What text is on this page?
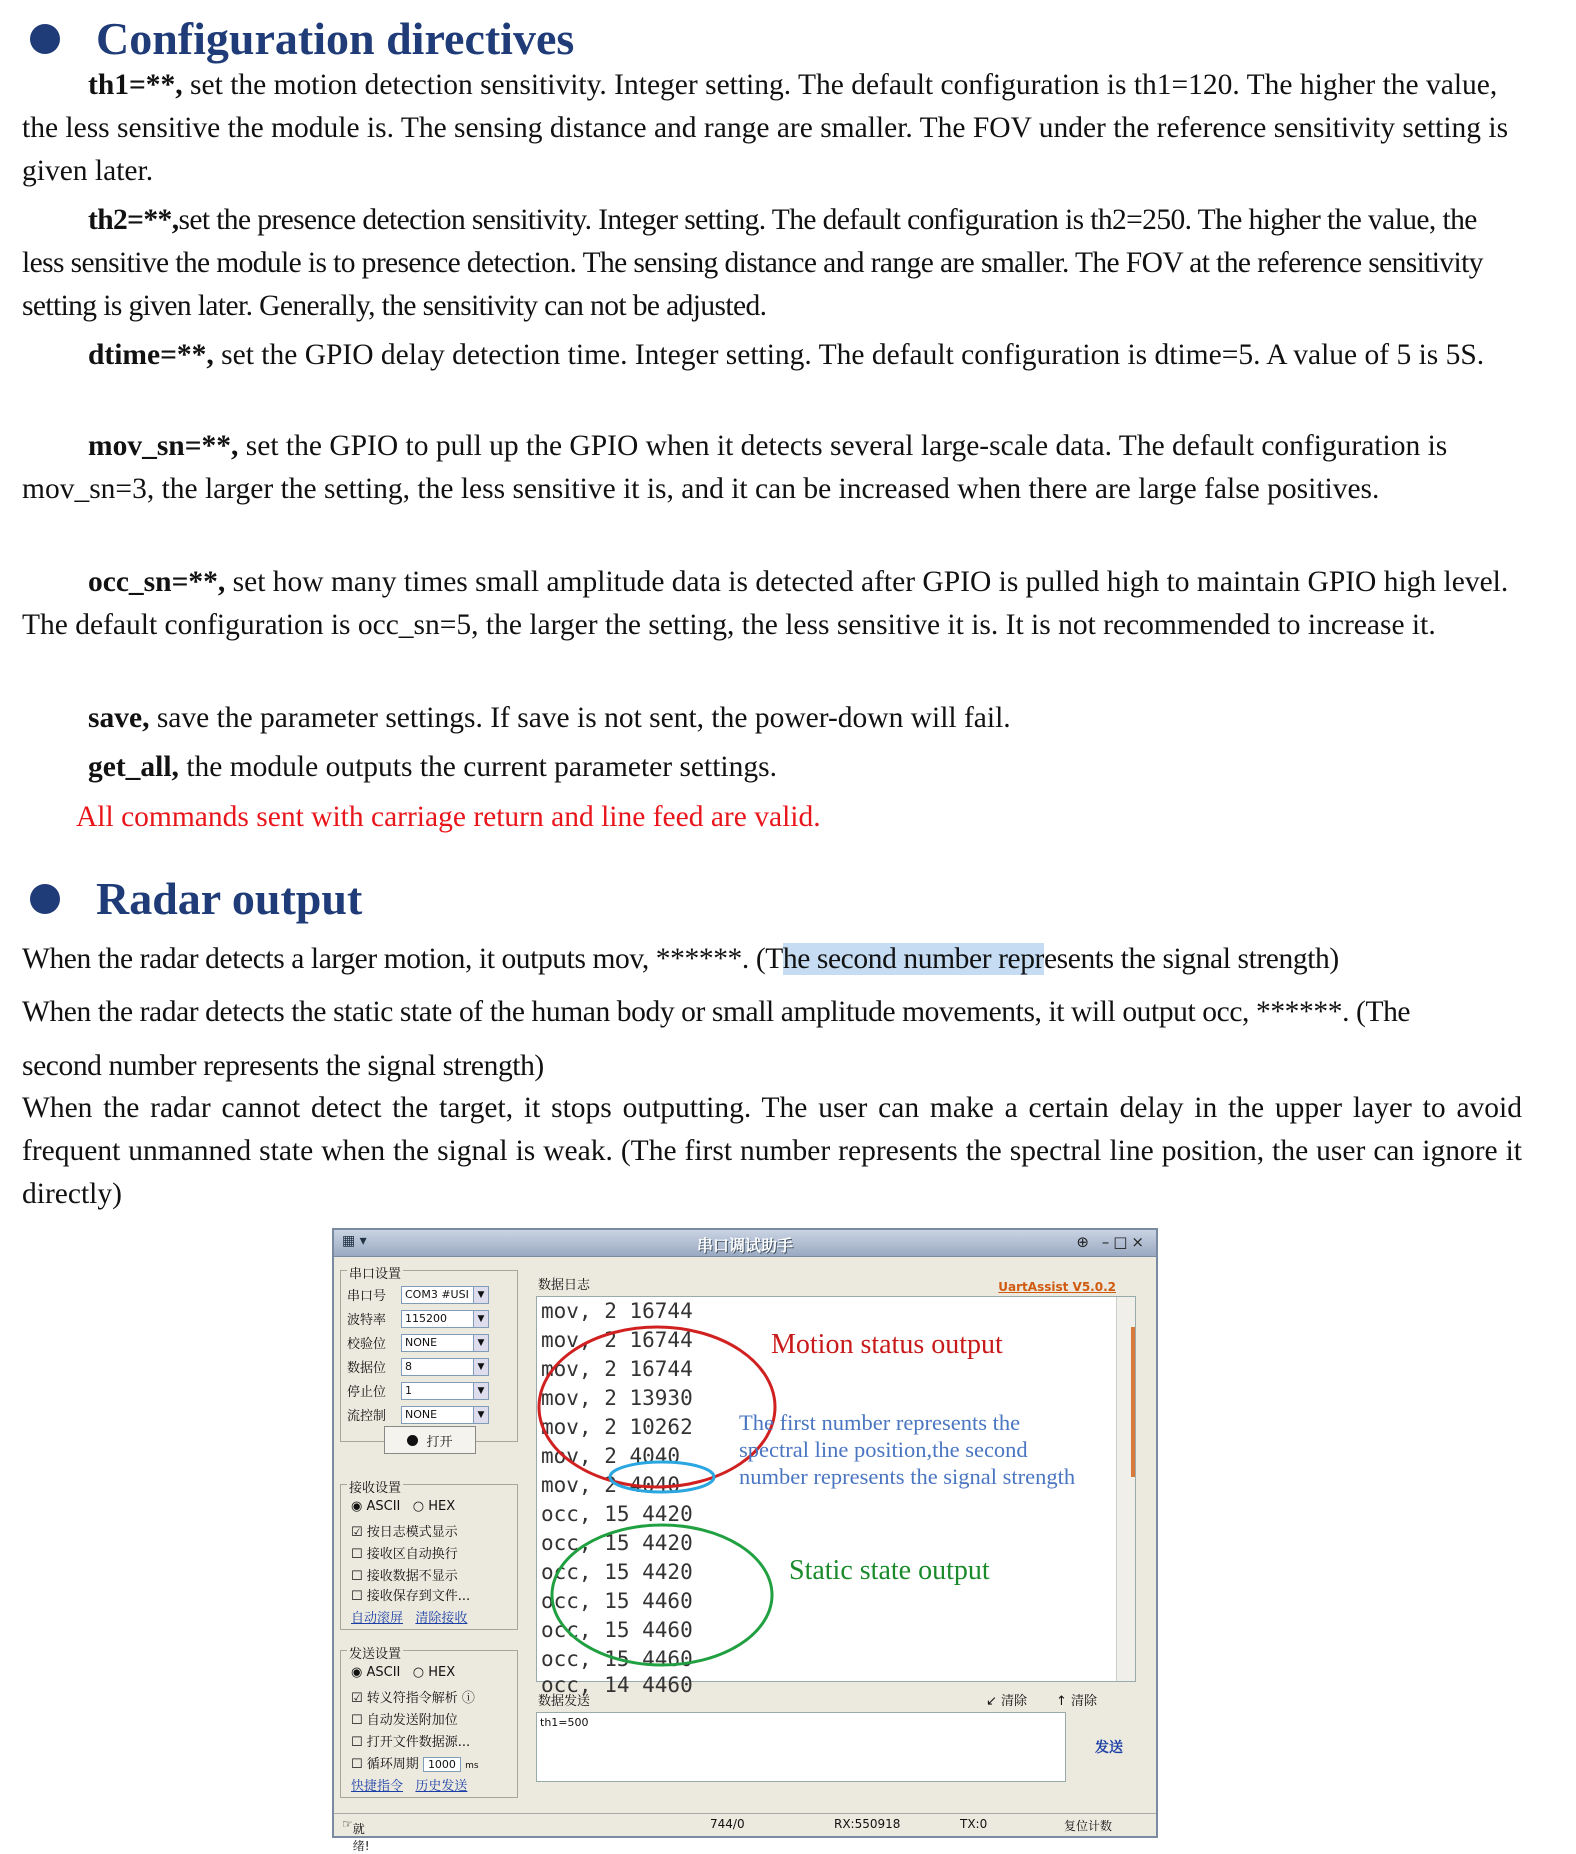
Configuration directives

th1=**, set the motion detection sensitivity. Integer setting. The default configuration is th1=120. The higher the value, the less sensitive the module is. The sensing distance and range are smaller. The FOV under the reference sensitivity setting is given later.

th2=**,set the presence detection sensitivity. Integer setting. The default configuration is th2=250. The higher the value, the less sensitive the module is to presence detection. The sensing distance and range are smaller. The FOV at the reference sensitivity setting is given later. Generally, the sensitivity can not be adjusted.

dtime=**, set the GPIO delay detection time. Integer setting. The default configuration is dtime=5. A value of 5 is 5S.

mov_sn=**, set the GPIO to pull up the GPIO when it detects several large-scale data. The default configuration is mov_sn=3, the larger the setting, the less sensitive it is, and it can be increased when there are large false positives.

occ_sn=**, set how many times small amplitude data is detected after GPIO is pulled high to maintain GPIO high level. The default configuration is occ_sn=5, the larger the setting, the less sensitive it is. It is not recommended to increase it.

save, save the parameter settings. If save is not sent, the power-down will fail.

get_all, the module outputs the current parameter settings.

All commands sent with carriage return and line feed are valid.

Radar output

When the radar detects a larger motion, it outputs mov, ******. (The second number represents the signal strength)

When the radar detects the static state of the human body or small amplitude movements, it will output occ, ******. (The

second number represents the signal strength)

When the radar cannot detect the target, it stops outputting. The user can make a certain delay in the upper layer to avoid frequent unmanned state when the signal is weak. (The first number represents the spectral line position, the user can ignore it directly)

▦ ▾	串口调试助手	⊕ –□×
串口设置
串口号	COM3 #USI ▼
波特率	115200	▼
校验位	NONE	▼
数据位	8	▼
停止位	1	▼
流控制	NONE	▼
打开
接收设置
◉ ASCII ○ HEX
☑ 按日志模式显示
☐ 接收区自动换行
☐ 接收数据不显示
☐ 接收保存到文件...
自动滚屏 清除接收
发送设置
◉ ASCII ○ HEX
☑ 转义符指令解析 ⓘ
☐ 自动发送附加位
☐ 打开文件数据源...
☐ 循环周期 1000 ms
快捷指令 历史发送
数据日志	UartAssist V5.0.2
mov, 2 16744
mov, 2 16744
mov, 2 16744
mov, 2 13930
mov, 2 10262
mov, 2 4040
mov, 2 4040
occ, 15 4420
occ, 15 4420
occ, 15 4420
occ, 15 4460
occ, 15 4460
occ, 15 4460
occ, 14 4460
Motion status output
The first number represents the spectral line position,the second number represents the signal strength
Static state output
数据发送	↙ 清除 ↑ 清除
th1=500
发送
☞ 就绪!
744/0	RX:550918	TX:0	复位计数
